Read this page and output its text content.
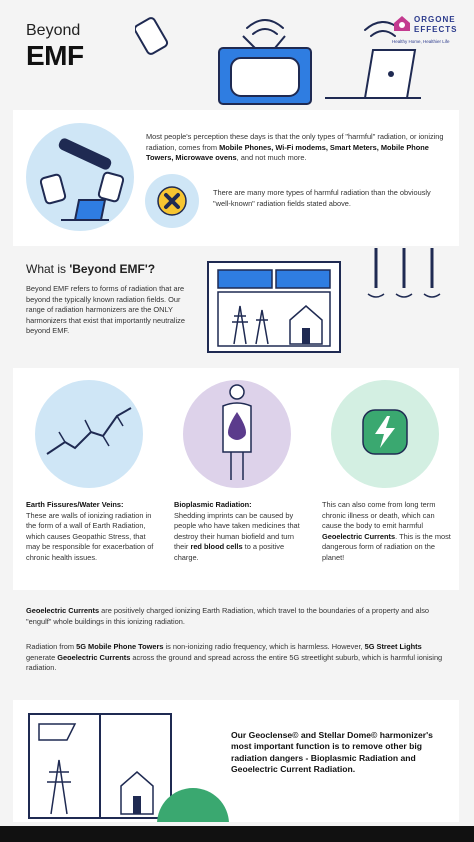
Beyond
EMF
ORGONE
EFFECTS
Healthy Home, Healthier Life
Most people's perception these days is that the only types of "harmful" radiation, or ionizing radiation, comes from Mobile Phones, Wi-Fi modems, Smart Meters, Mobile Phone Towers, Microwave ovens, and not much more.
There are many more types of harmful radiation than the obviously "well-known" radiation fields stated above.
What is 'Beyond EMF'?
Beyond EMF refers to forms of radiation that are beyond the typically known radiation fields. Our range of radiation harmonizers are the ONLY harmonizers that exist that importantly neutralize beyond EMF.
Earth Fissures/Water Veins:
These are walls of ionizing radiation in the form of a wall of Earth Radiation, which causes Geopathic Stress, that may be responsible for exacerbation of chronic health issues.
Bioplasmic Radiation:
Shedding imprints can be caused by people who have taken medicines that destroy their human biofield and turn their red blood cells to a positive charge.
This can also come from long term chronic illness or death, which can cause the body to emit harmful Geoelectric Currents. This is the most dangerous form of radiation on the planet!
Geoelectric Currents are positively charged ionizing Earth Radiation, which travel to the boundaries of a property and also "engulf" whole buildings in this ionizing radiation.
Radiation from 5G Mobile Phone Towers is non-ionizing radio frequency, which is harmless. However, 5G Street Lights generate Geoelectric Currents across the ground and spread across the entire 5G streetlight suburb, which is harmful ionising radiation.
Our Geoclense© and Stellar Dome© harmonizer's most important function is to remove other big radiation dangers - Bioplasmic Radiation and Geoelectric Current Radiation.
